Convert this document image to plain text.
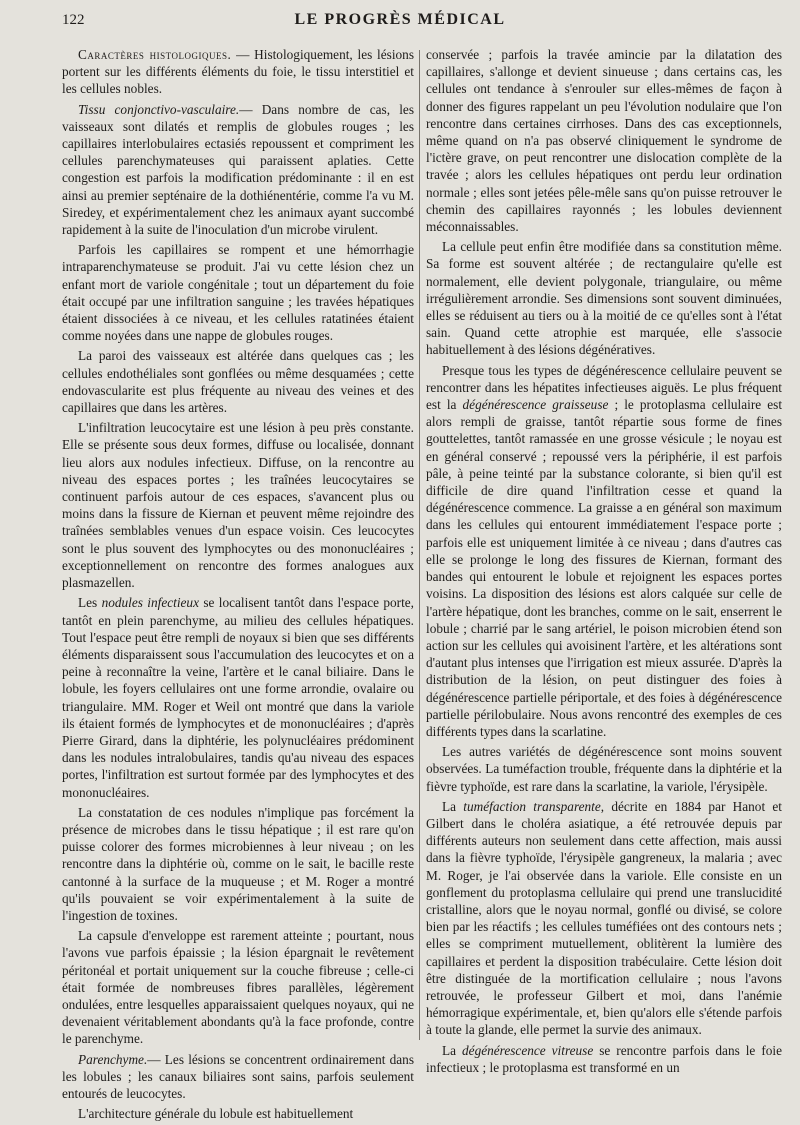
122	LE PROGRÈS MÉDICAL

Caractères histologiques. — Histologiquement, les lésions portent sur les différents éléments du foie, le tissu interstitiel et les cellules nobles.

Tissu conjonctivo-vasculaire.— Dans nombre de cas, les vaisseaux sont dilatés et remplis de globules rouges ; les capillaires interlobulaires ectasiés repoussent et compriment les cellules parenchymateuses qui paraissent aplaties. Cette congestion est parfois la modification prédominante : il en est ainsi au premier septénaire de la dothiénentérie, comme l'a vu M. Siredey, et expérimentalement chez les animaux ayant succombé rapidement à la suite de l'inoculation d'un microbe virulent.

Parfois les capillaires se rompent et une hémorrhagie intraparenchymateuse se produit. J'ai vu cette lésion chez un enfant mort de variole congénitale ; tout un département du foie était occupé par une infiltration sanguine ; les travées hépatiques étaient dissociées à ce niveau, et les cellules ratatinées étaient comme noyées dans une nappe de globules rouges.

La paroi des vaisseaux est altérée dans quelques cas ; les cellules endothéliales sont gonflées ou même desquamées ; cette endovascularite est plus fréquente au niveau des veines et des capillaires que dans les artères.

L'infiltration leucocytaire est une lésion à peu près constante. Elle se présente sous deux formes, diffuse ou localisée, donnant lieu alors aux nodules infectieux. Diffuse, on la rencontre au niveau des espaces portes ; les traînées leucocytaires se continuent parfois autour de ces espaces, s'avancent plus ou moins dans la fissure de Kiernan et peuvent même rejoindre des traînées semblables venues d'un espace voisin. Ces leucocytes sont le plus souvent des lymphocytes ou des mononucléaires ; exceptionnellement on rencontre des formes analogues aux plasmazellen.

Les nodules infectieux se localisent tantôt dans l'espace porte, tantôt en plein parenchyme, au milieu des cellules hépatiques. Tout l'espace peut être rempli de noyaux si bien que ses différents éléments disparaissent sous l'accumulation des leucocytes et on a peine à reconnaître la veine, l'artère et le canal biliaire. Dans le lobule, les foyers cellulaires ont une forme arrondie, ovalaire ou triangulaire. MM. Roger et Weil ont montré que dans la variole ils étaient formés de lymphocytes et de mononucléaires ; d'après Pierre Girard, dans la diphtérie, les polynucléaires prédominent dans les nodules intralobulaires, tandis qu'au niveau des espaces portes, l'infiltration est surtout formée par des lymphocytes et des mononucléaires.

La constatation de ces nodules n'implique pas forcément la présence de microbes dans le tissu hépatique ; il est rare qu'on puisse colorer des formes microbiennes à leur niveau ; on les rencontre dans la diphtérie où, comme on le sait, le bacille reste cantonné à la surface de la muqueuse ; et M. Roger a montré qu'ils pouvaient se voir expérimentalement à la suite de l'ingestion de toxines.

La capsule d'enveloppe est rarement atteinte ; pourtant, nous l'avons vue parfois épaissie ; la lésion épargnait le revêtement péritonéal et portait uniquement sur la couche fibreuse ; celle-ci était formée de nombreuses fibres parallèles, légèrement ondulées, entre lesquelles apparaissaient quelques noyaux, qui ne devenaient véritablement abondants qu'à la face profonde, contre le parenchyme.

Parenchyme.— Les lésions se concentrent ordinairement dans les lobules ; les canaux biliaires sont sains, parfois seulement entourés de leucocytes.

L'architecture générale du lobule est habituellement

conservée ; parfois la travée amincie par la dilatation des capillaires, s'allonge et devient sinueuse ; dans certains cas, les cellules ont tendance à s'enrouler sur elles-mêmes de façon à donner des figures rappelant un peu l'évolution nodulaire que l'on rencontre dans certaines cirrhoses. Dans des cas exceptionnels, même quand on n'a pas observé cliniquement le syndrome de l'ictère grave, on peut rencontrer une dislocation complète de la travée ; alors les cellules hépatiques ont perdu leur ordination normale ; elles sont jetées pêle-mêle sans qu'on puisse retrouver le chemin des capillaires rayonnés ; les lobules deviennent méconnaissables.

La cellule peut enfin être modifiée dans sa constitution même. Sa forme est souvent altérée ; de rectangulaire qu'elle est normalement, elle devient polygonale, triangulaire, ou même irrégulièrement arrondie. Ses dimensions sont souvent diminuées, elles se réduisent au tiers ou à la moitié de ce qu'elles sont à l'état sain. Quand cette atrophie est marquée, elle s'associe habituellement à des lésions dégénératives.

Presque tous les types de dégénérescence cellulaire peuvent se rencontrer dans les hépatites infectieuses aiguës. Le plus fréquent est la dégénérescence graisseuse ; le protoplasma cellulaire est alors rempli de graisse, tantôt répartie sous forme de fines gouttelettes, tantôt ramassée en une grosse vésicule ; le noyau est en général conservé ; repoussé vers la périphérie, il est parfois pâle, à peine teinté par la substance colorante, si bien qu'il est difficile de dire quand l'infiltration cesse et quand la dégénérescence commence. La graisse a en général son maximum dans les cellules qui entourent immédiatement l'espace porte ; parfois elle est uniquement limitée à ce niveau ; dans d'autres cas elle se prolonge le long des fissures de Kiernan, formant des bandes qui entourent le lobule et rejoignent les espaces portes voisins. La disposition des lésions est alors calquée sur celle de l'artère hépatique, dont les branches, comme on le sait, enserrent le lobule ; charrié par le sang artériel, le poison microbien étend son action sur les cellules qui avoisinent l'artère, et les altérations sont d'autant plus intenses que l'irrigation est mieux assurée. D'après la distribution de la lésion, on peut distinguer des foies à dégénérescence partielle périportale, et des foies à dégénérescence partielle périlobulaire. Nous avons rencontré des exemples de ces différents types dans la scarlatine.

Les autres variétés de dégénérescence sont moins souvent observées. La tuméfaction trouble, fréquente dans la diphtérie et la fièvre typhoïde, est rare dans la scarlatine, la variole, l'érysipèle.

La tuméfaction transparente, décrite en 1884 par Hanot et Gilbert dans le choléra asiatique, a été retrouvée depuis par différents auteurs non seulement dans cette affection, mais aussi dans la fièvre typhoïde, l'érysipèle gangreneux, la malaria ; avec M. Roger, je l'ai observée dans la variole. Elle consiste en un gonflement du protoplasma cellulaire qui prend une translucidité cristalline, alors que le noyau normal, gonflé ou divisé, se colore bien par les réactifs ; les cellules tuméfiées ont des contours nets ; elles se compriment mutuellement, oblitèrent la lumière des capillaires et perdent la disposition trabéculaire. Cette lésion doit être distinguée de la mortification cellulaire ; nous l'avons retrouvée, le professeur Gilbert et moi, dans l'anémie hémorragique expérimentale, et, bien qu'alors elle s'étende parfois à toute la glande, elle permet la survie des animaux.

La dégénérescence vitreuse se rencontre parfois dans le foie infectieux ; le protoplasma est transformé en un
